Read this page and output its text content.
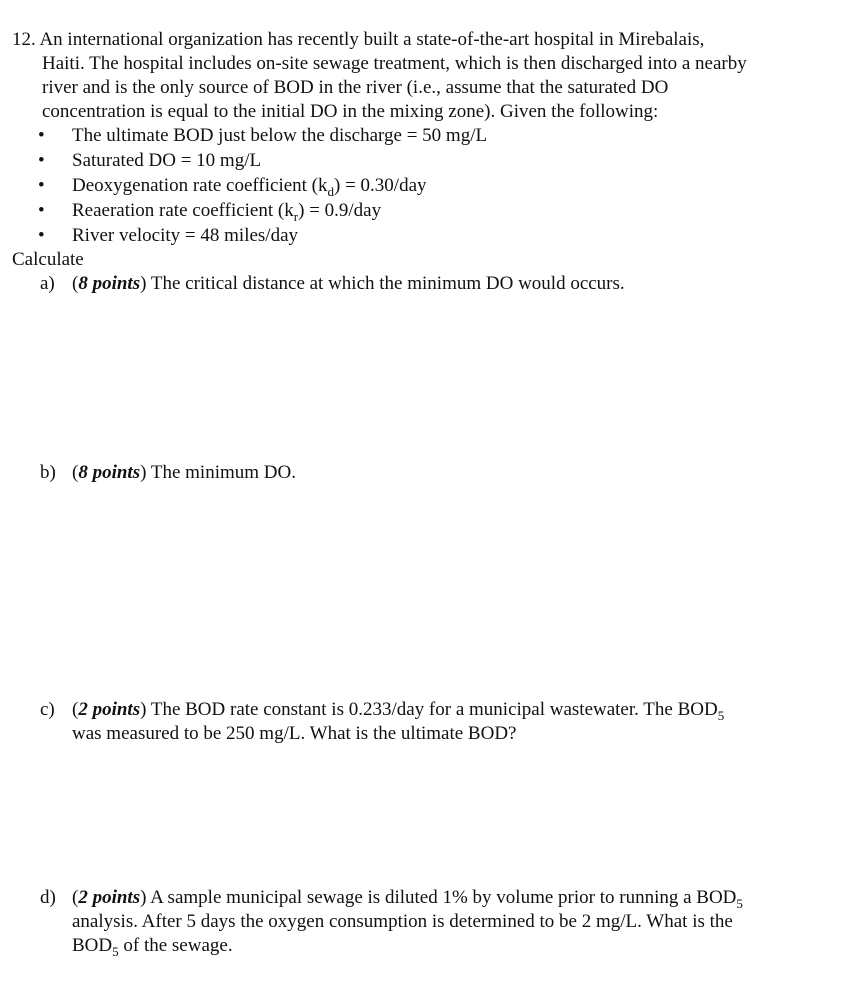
12. An international organization has recently built a state-of-the-art hospital in Mirebalais,
Haiti. The hospital includes on-site sewage treatment, which is then discharged into a nearby
river and is the only source of BOD in the river (i.e., assume that the saturated DO
concentration is equal to the initial DO in the mixing zone). Given the following:
• The ultimate BOD just below the discharge = 50 mg/L
• Saturated DO = 10 mg/L
• Deoxygenation rate coefficient $(k_d) = 0.30/day$
• Reaeration rate coefficient $(k_r) = 0.9/day$
• River velocity = 48 miles/day
Calculate
a) (8 points) The critical distance at which the minimum DO would occurs.
b) (8 points) The minimum DO.
c) (2 points) The BOD rate constant is 0.233/day for a municipal wastewater. The $BOD_5$
was measured to be 250 mg/L. What is the ultimate BOD?
d) (2 points) A sample municipal sewage is diluted 1% by volume prior to running a $BOD_5$
analysis. After 5 days the oxygen consumption is determined to be 2 mg/L. What is the
$BOD_5$ of the sewage.
